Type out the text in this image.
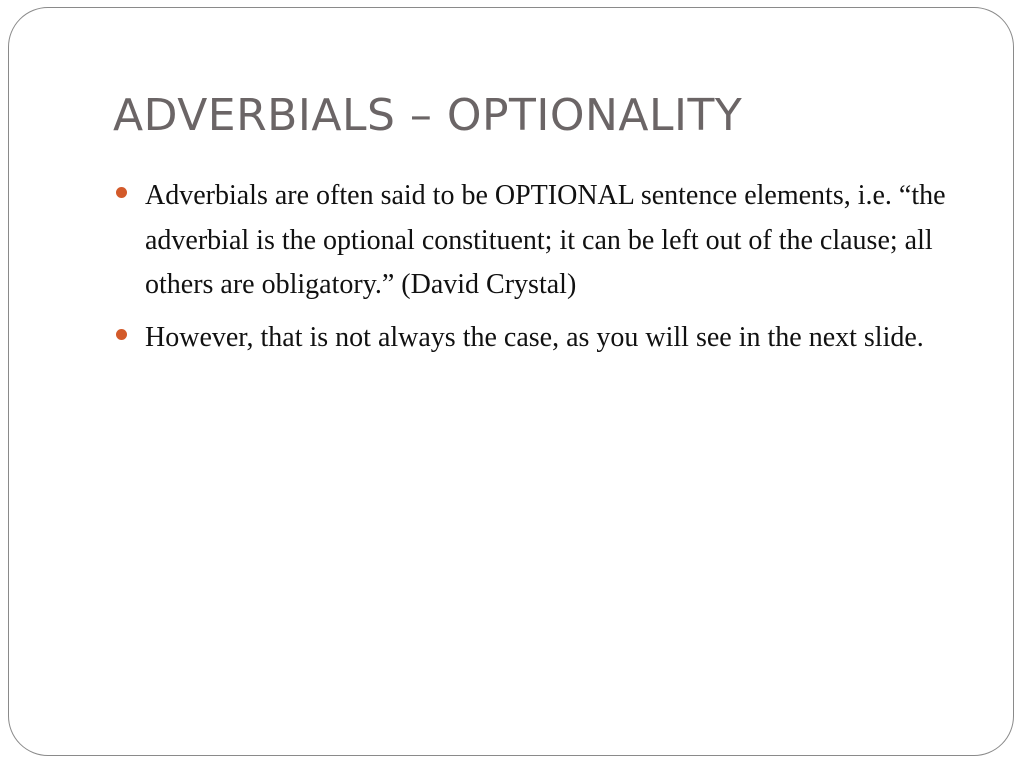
ADVERBIALS – OPTIONALITY
Adverbials are often said to be OPTIONAL sentence elements, i.e. “the adverbial is the optional constituent; it can be left out of the clause; all others are obligatory.” (David Crystal)
However, that is not always the case, as you will see in the next slide.
